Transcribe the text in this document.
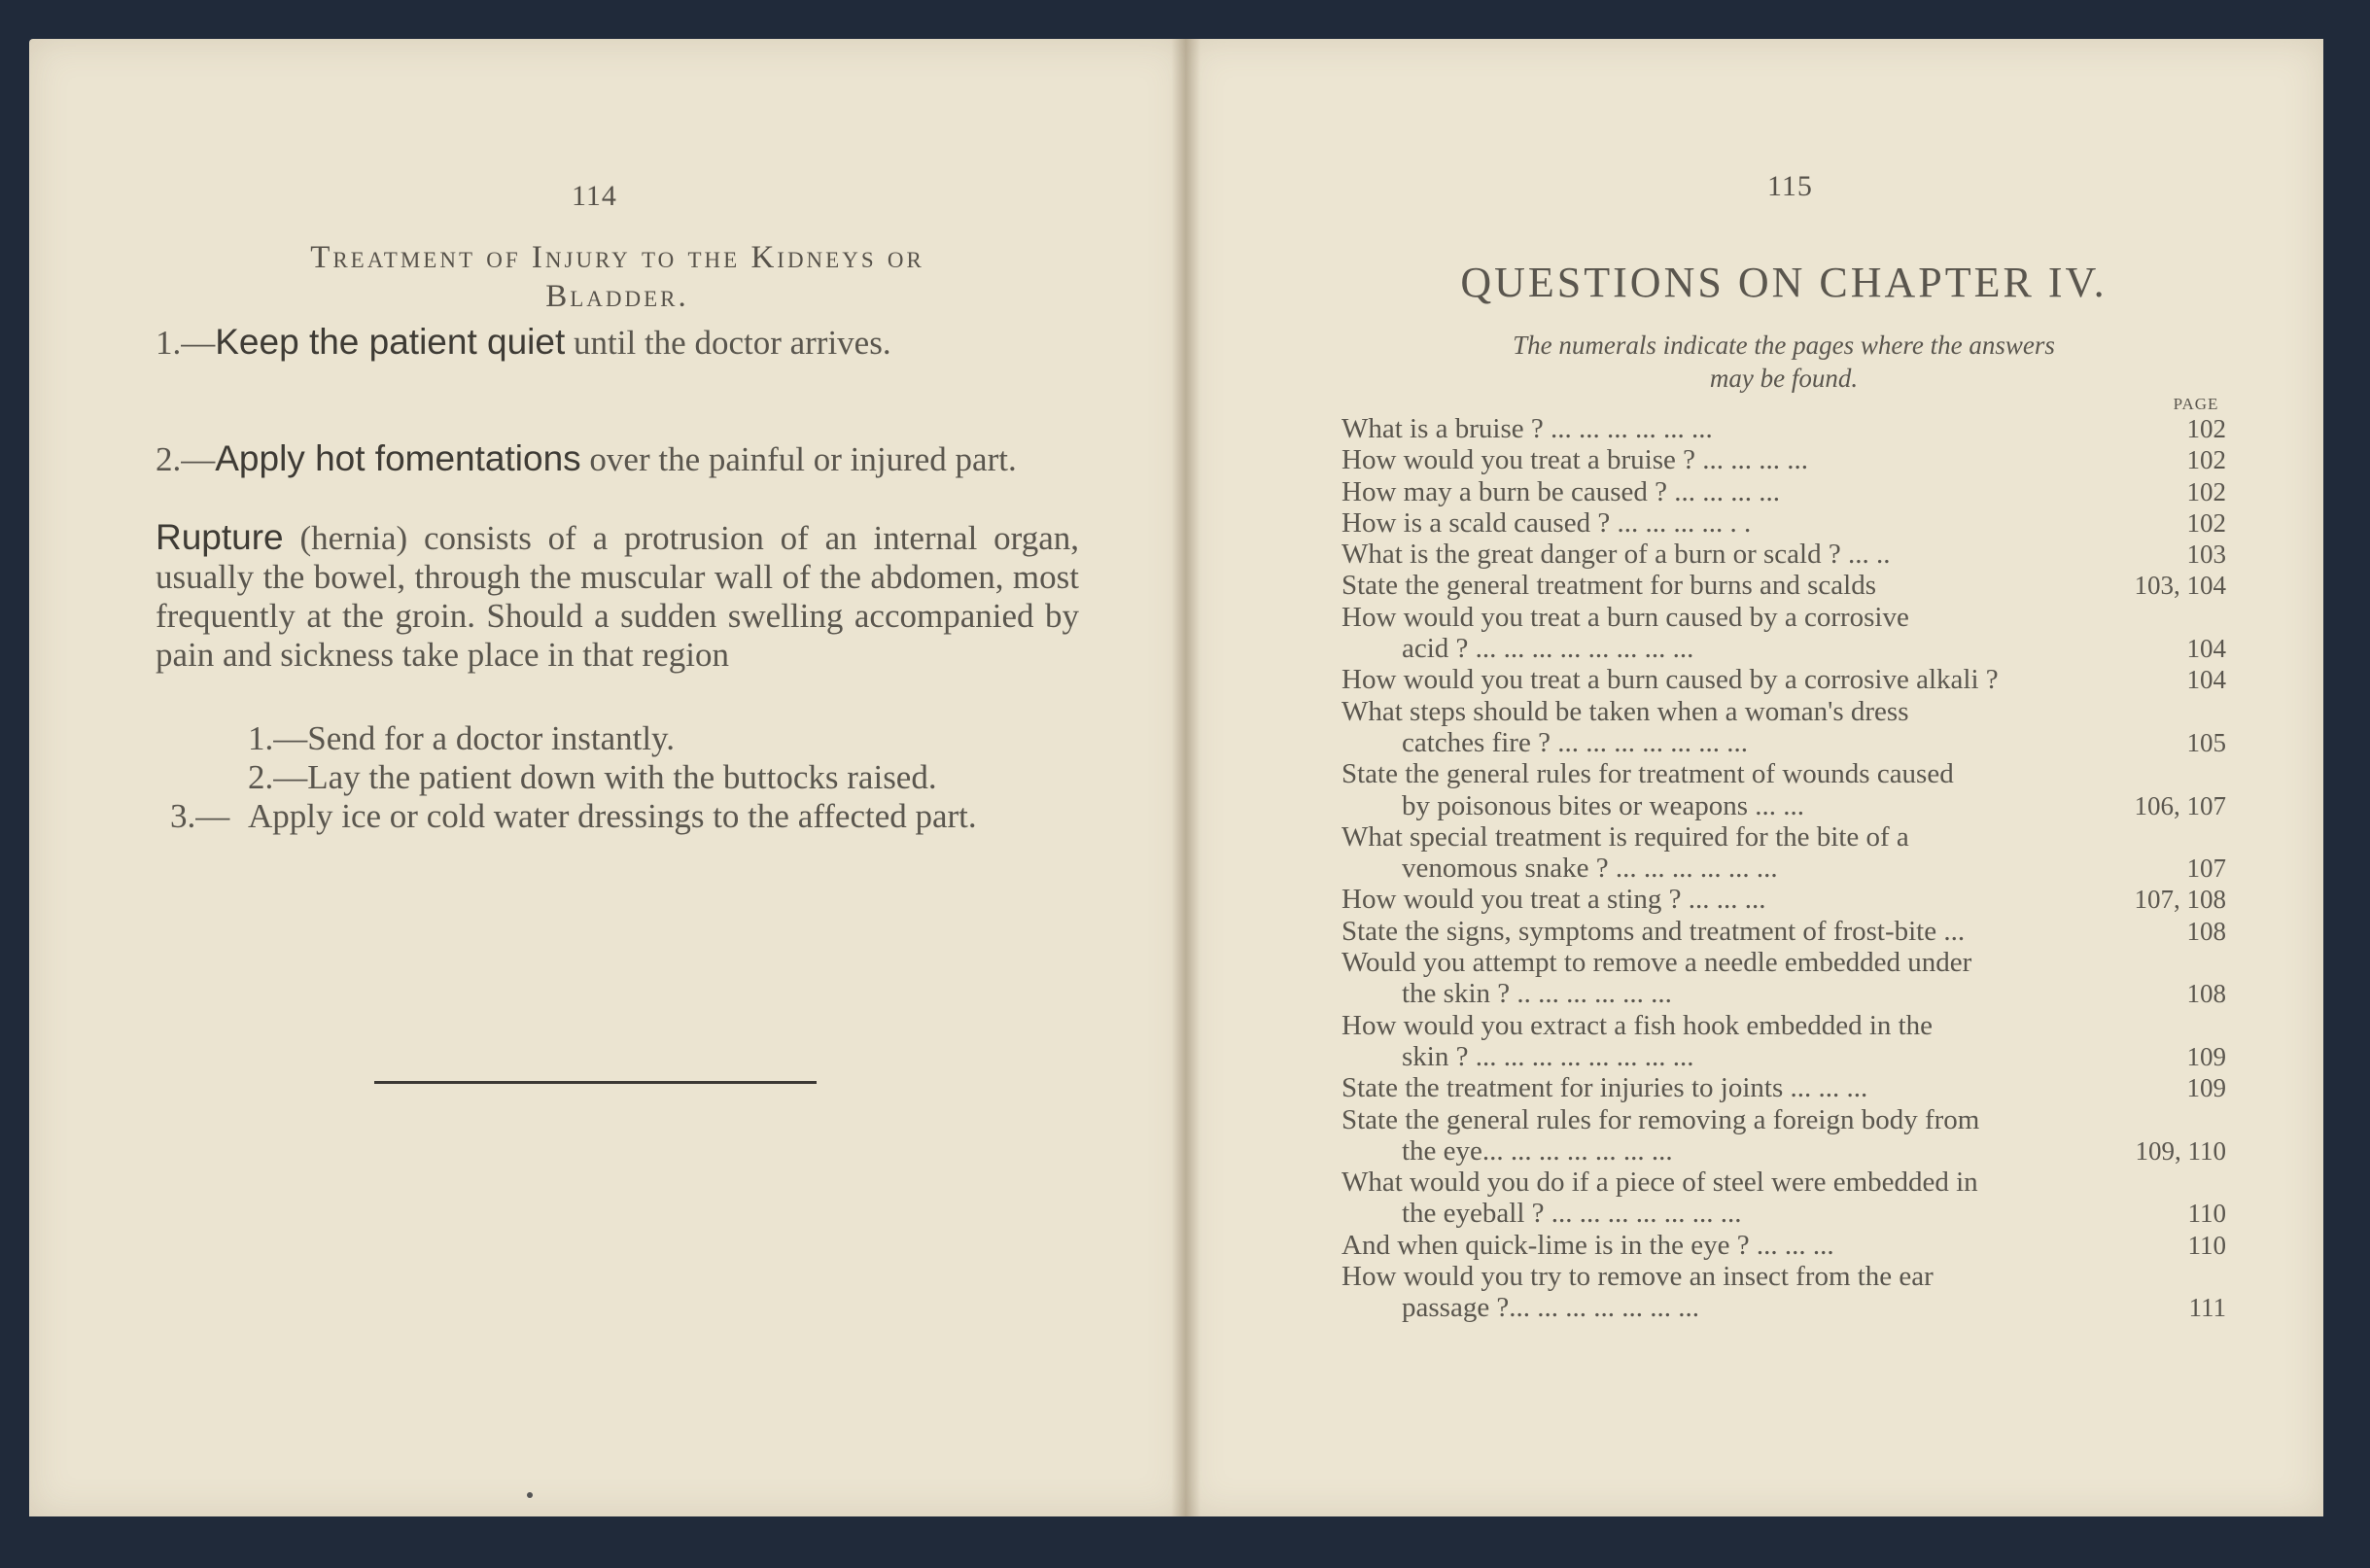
114
Treatment of Injury to the Kidneys or
Bladder.
1.—Keep the patient quiet until the doctor arrives.
2.—Apply hot fomentations over the painful or injured part.
Rupture (hernia) consists of a protrusion of an internal organ, usually the bowel, through the muscular wall of the abdomen, most frequently at the groin. Should a sudden swelling accompanied by pain and sickness take place in that region
1.—Send for a doctor instantly.
2.—Lay the patient down with the buttocks raised.
3.— Apply ice or cold water dressings to the affected part.
115
QUESTIONS ON CHAPTER IV.
The numerals indicate the pages where the answers
may be found.
PAGE
What is a bruise ? ... ... ... ... ... ...	102
How would you treat a bruise ? ... ... ... ...	102
How may a burn be caused ? ... ... ... ...	102
How is a scald caused ? ... ... ... ... . .	102
What is the great danger of a burn or scald ? ... ..	103
State the general treatment for burns and scalds	103, 104
How would you treat a burn caused by a corrosive
acid ? ... ... ... ... ... ... ... ...	104
How would you treat a burn caused by a corrosive alkali ?	104
What steps should be taken when a woman's dress
catches fire ? ... ... ... ... ... ... ...	105
State the general rules for treatment of wounds caused
by poisonous bites or weapons ... ...	106, 107
What special treatment is required for the bite of a
venomous snake ? ... ... ... ... ... ...	107
How would you treat a sting ? ... ... ...	107, 108
State the signs, symptoms and treatment of frost-bite ...	108
Would you attempt to remove a needle embedded under
the skin ? .. ... ... ... ... ...	108
How would you extract a fish hook embedded in the
skin ? ... ... ... ... ... ... ... ...	109
State the treatment for injuries to joints ... ... ...	109
State the general rules for removing a foreign body from
the eye... ... ... ... ... ... ...	109, 110
What would you do if a piece of steel were embedded in
the eyeball ? ... ... ... ... ... ... ...	110
And when quick-lime is in the eye ? ... ... ...	110
How would you try to remove an insect from the ear
passage ?... ... ... ... ... ... ...	111
